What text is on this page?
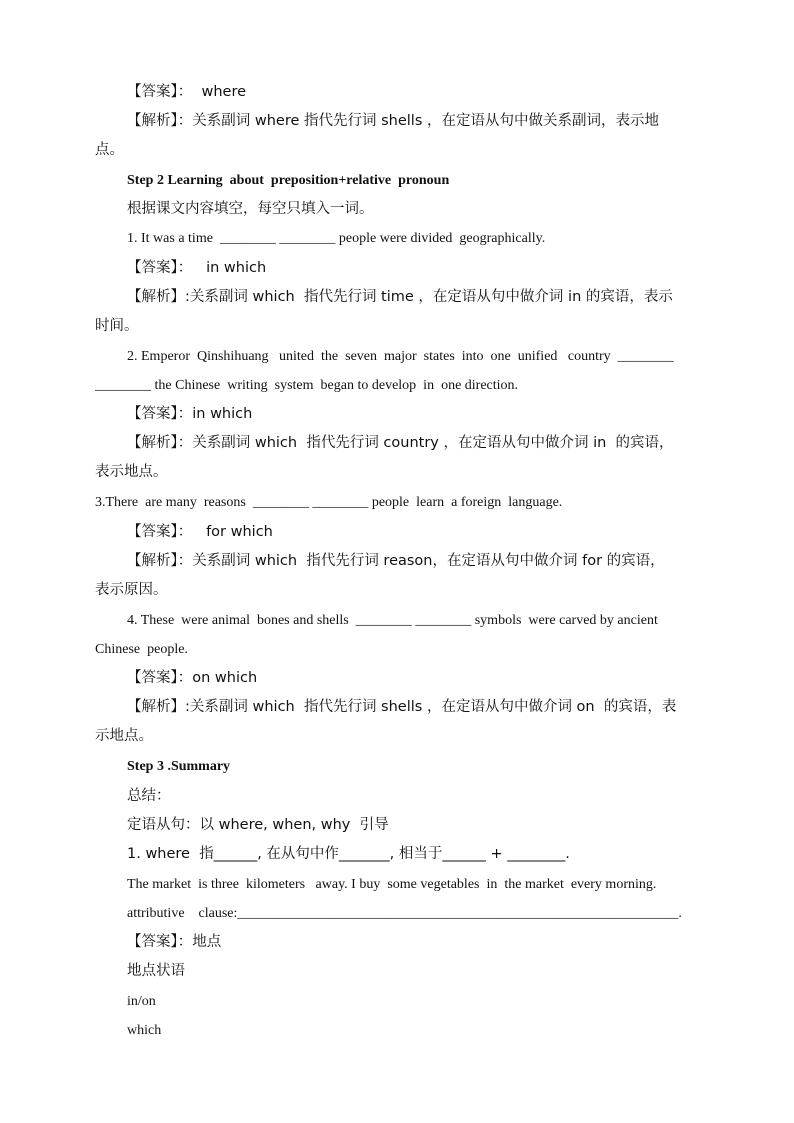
【答案】：  where
【解析】：关系副词 where 指代先行词 shells ，在定语从句中做关系副词，表示地
点。
Step 2 Learning  about  preposition+relative  pronoun
根据课文内容填空，每空只填入一词。
1. It was a time  ________ ________ people were divided  geographically.
【答案】：   in which
【解析】:关系副词 which  指代先行词 time ，在定语从句中做介词 in 的宾语，表示
时间。
2. Emperor  Qinshihuang   united  the  seven  major  states  into  one  unified   country  ________
________ the Chinese  writing  system  began to develop  in  one direction.
【答案】：in which
【解析】：关系副词 which  指代先行词 country ，在定语从句中做介词 in  的宾语，
表示地点。
3.There  are many  reasons  ________ ________ people  learn  a foreign  language.
【答案】：   for which
【解析】：关系副词 which  指代先行词 reason，在定语从句中做介词 for 的宾语，
表示原因。
4. These  were animal  bones and shells  ________ ________ symbols  were carved by ancient
Chinese  people.
【答案】：on which
【解析】:关系副词 which  指代先行词 shells ，在定语从句中做介词 on  的宾语，表
示地点。
Step 3 .Summary
总结：
定语从句：以 where, when, why  引导
1. where  指______, 在从句中作_______, 相当于______ + ________.
The market  is three  kilometers   away. I buy  some vegetables  in  the market  every morning.
attributive    clause:_______________________________________________________________.
【答案】：地点
地点状语
in/on
which
